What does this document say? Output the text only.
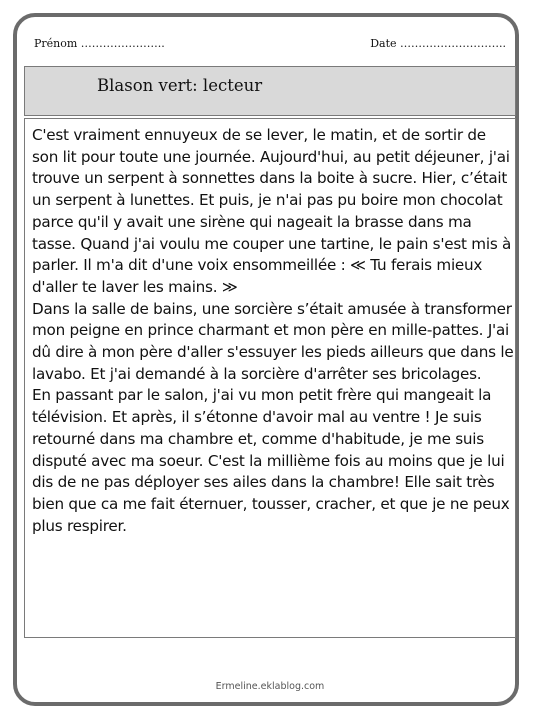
Prénom …………………..	Date ………………………..
Blason vert: lecteur

C'est vraiment ennuyeux de se lever, le matin, et de sortir de son lit pour toute une journée. Aujourd'hui, au petit déjeuner, j'ai trouve un serpent à sonnettes dans la boite à sucre. Hier, c’était un serpent à lunettes. Et puis, je n'ai pas pu boire mon chocolat parce qu'il y avait une sirène qui nageait la brasse dans ma tasse. Quand j'ai voulu me couper une tartine, le pain s'est mis à parler. Il m'a dit d'une voix ensommeillée : ≪ Tu ferais mieux d'aller te laver les mains. ≫

Dans la salle de bains, une sorcière s’était amusée à transformer mon peigne en prince charmant et mon père en mille-pattes. J'ai dû dire à mon père d'aller s'essuyer les pieds ailleurs que dans le lavabo. Et j'ai demandé à la sorcière d'arrêter ses bricolages.

En passant par le salon, j'ai vu mon petit frère qui mangeait la télévision. Et après, il s’étonne d'avoir mal au ventre ! Je suis retourné dans ma chambre et, comme d'habitude, je me suis disputé avec ma soeur. C'est la millième fois au moins que je lui dis de ne pas déployer ses ailes dans la chambre! Elle sait très bien que ca me fait éternuer, tousser, cracher, et que je ne peux plus respirer.

Ermeline.eklablog.com
